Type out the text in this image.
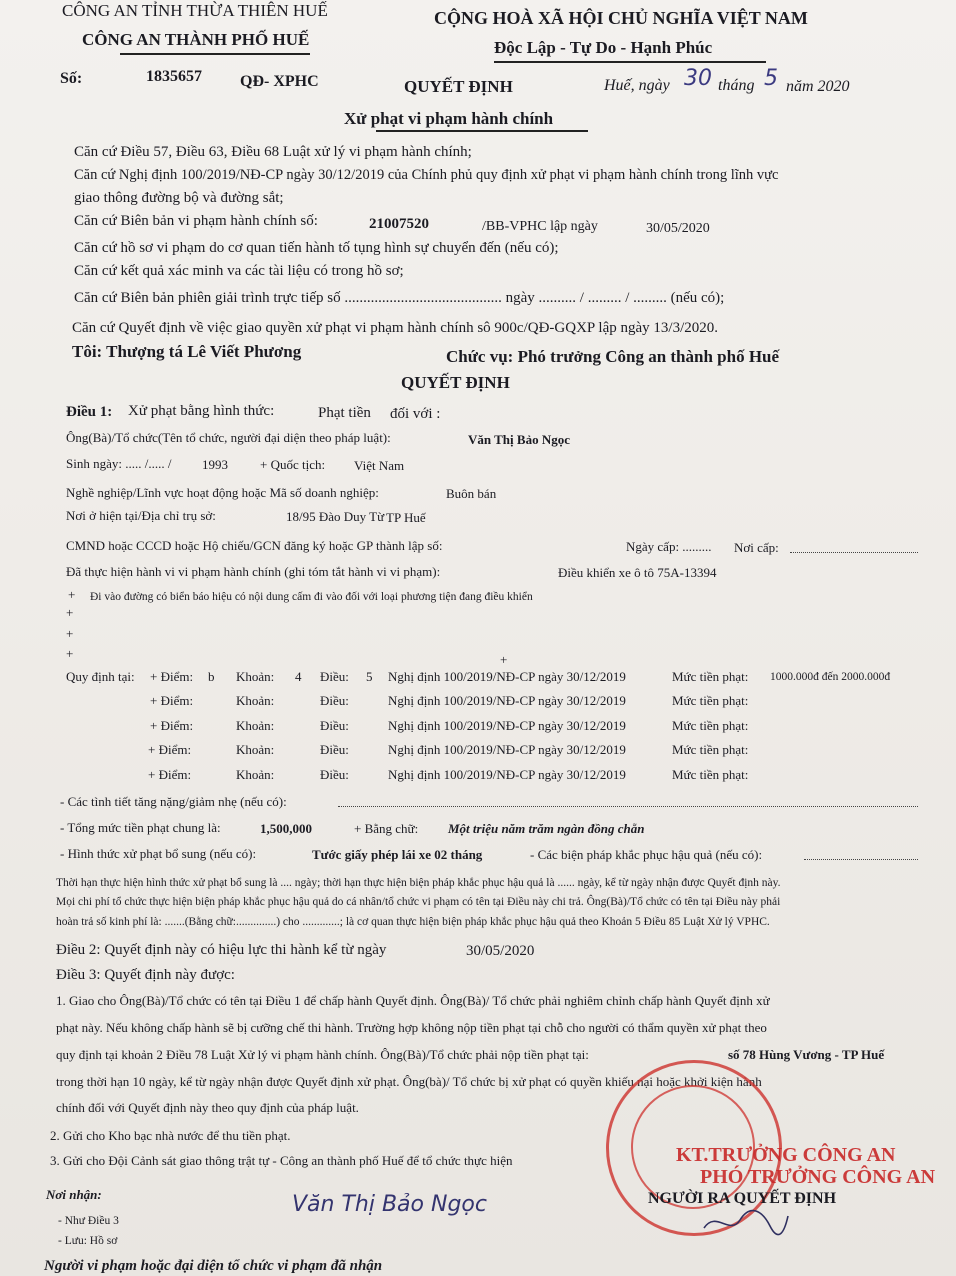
CÔNG AN TỈNH THỪA THIÊN HUẾ
CÔNG AN THÀNH PHỐ HUẾ
CỘNG HOÀ XÃ HỘI CHỦ NGHĨA VIỆT NAM
Độc Lập - Tự Do - Hạnh Phúc
Số:	1835657 QĐ- XPHC	QUYẾT ĐỊNH	Huế, ngày 30 tháng 5 năm 2020
Xử phạt vi phạm hành chính
Căn cứ Điều 57, Điều 63, Điều 68 Luật xử lý vi phạm hành chính;
Căn cứ Nghị định 100/2019/NĐ-CP ngày 30/12/2019 của Chính phủ quy định xử phạt vi phạm hành chính trong lĩnh vực
giao thông đường bộ và đường sắt;
Căn cứ Biên bản vi phạm hành chính số:	21007520	/BB-VPHC lập ngày	30/05/2020
Căn cứ hồ sơ vi phạm do cơ quan tiến hành tố tụng hình sự chuyển đến (nếu có);
Căn cứ kết quả xác minh va các tài liệu có trong hồ sơ;
Căn cứ Biên bản phiên giải trình trực tiếp số .......................................... ngày .......... / ......... / ......... (nếu có);
Căn cứ Quyết định về việc giao quyền xử phạt vi phạm hành chính sô 900c/QĐ-GQXP lập ngày 13/3/2020.
Tôi: Thượng tá Lê Viết Phương	Chức vụ: Phó trưởng Công an thành phố Huế
QUYẾT ĐỊNH
Điều 1: Xử phạt bằng hình thức:	Phạt tiền đối với :
Ông(Bà)/Tổ chức(Tên tổ chức, người đại diện theo pháp luật):	Văn Thị Bảo Ngọc
Sinh ngày: ..... /..... / 1993 + Quốc tịch: Việt Nam
Nghề nghiệp/Lĩnh vực hoạt động hoặc Mã số doanh nghiệp:	Buôn bán
Nơi ở hiện tại/Địa chỉ trụ sở:	18/95 Đào Duy Từ TP Huế
CMND hoặc CCCD hoặc Hộ chiếu/GCN đăng ký hoặc GP thành lập số:	Ngày cấp: ......... Nơi cấp:
Đã thực hiện hành vi vi phạm hành chính (ghi tóm tắt hành vi vi phạm):	Điều khiển xe ô tô 75A-13394
+ Đi vào đường có biển báo hiệu có nội dung cấm đi vào đối với loại phương tiện đang điều khiển
+
+
+	+
Quy định tại: + Điểm: b Khoản: 4 Điều: 5 Nghị định 100/2019/NĐ-CP ngày 30/12/2019	Mức tiền phạt: 1000.000đ đến 2000.000đ
+ Điểm:	Khoản:	Điều:	Nghị định 100/2019/NĐ-CP ngày 30/12/2019	Mức tiền phạt:
+ Điểm:	Khoản:	Điều:	Nghị định 100/2019/NĐ-CP ngày 30/12/2019	Mức tiền phạt:
+ Điểm:	Khoản:	Điều:	Nghị định 100/2019/NĐ-CP ngày 30/12/2019	Mức tiền phạt:
+ Điểm:	Khoản:	Điều:	Nghị định 100/2019/NĐ-CP ngày 30/12/2019	Mức tiền phạt:
- Các tình tiết tăng nặng/giảm nhẹ (nếu có):
- Tổng mức tiền phạt chung là:	1,500,000	+ Bằng chữ: Một triệu năm trăm ngàn đồng chẵn
- Hình thức xử phạt bổ sung (nếu có):	Tước giấy phép lái xe 02 tháng	- Các biện pháp khắc phục hậu quả (nếu có):
Thời hạn thực hiện hình thức xử phạt bổ sung là .... ngày; thời hạn thực hiện biện pháp khắc phục hậu quả là ...... ngày, kể từ ngày nhận được Quyết định này.
Mọi chi phí tổ chức thực hiện biện pháp khắc phục hậu quả do cá nhân/tổ chức vi phạm có tên tại Điều này chi trả. Ông(Bà)/Tổ chức có tên tại Điều này phải
hoàn trả số kinh phí là: .......(Bằng chữ:..............) cho .............; là cơ quan thực hiện biện pháp khắc phục hậu quả theo Khoản 5 Điều 85 Luật Xử lý VPHC.
Điều 2: Quyết định này có hiệu lực thi hành kể từ ngày	30/05/2020
Điều 3: Quyết định này được:
1. Giao cho Ông(Bà)/Tổ chức có tên tại Điều 1 để chấp hành Quyết định. Ông(Bà)/ Tổ chức phải nghiêm chỉnh chấp hành Quyết định xử
phạt này. Nếu không chấp hành sẽ bị cưỡng chế thi hành. Trường hợp không nộp tiền phạt tại chỗ cho người có thẩm quyền xử phạt theo
quy định tại khoản 2 Điều 78 Luật Xử lý vi phạm hành chính. Ông(Bà)/Tổ chức phải nộp tiền phạt tại:	số 78 Hùng Vương - TP Huế
trong thời hạn 10 ngày, kể từ ngày nhận được Quyết định xử phạt. Ông(bà)/ Tổ chức bị xử phạt có quyền khiếu nại hoặc khởi kiện hành
chính đối với Quyết định này theo quy định của pháp luật.
2. Gửi cho Kho bạc nhà nước để thu tiền phạt.
3. Gửi cho Đội Cảnh sát giao thông trật tự - Công an thành phố Huế để tổ chức thực hiện
Nơi nhận:
- Như Điều 3
- Lưu: Hồ sơ
Văn Thị Bảo Ngọc
KT.TRƯỞNG CÔNG AN
PHÓ TRƯỞNG CÔNG AN
NGƯỜI RA QUYẾT ĐỊNH
Người vi phạm hoặc đại diện tổ chức vi phạm đã nhận
